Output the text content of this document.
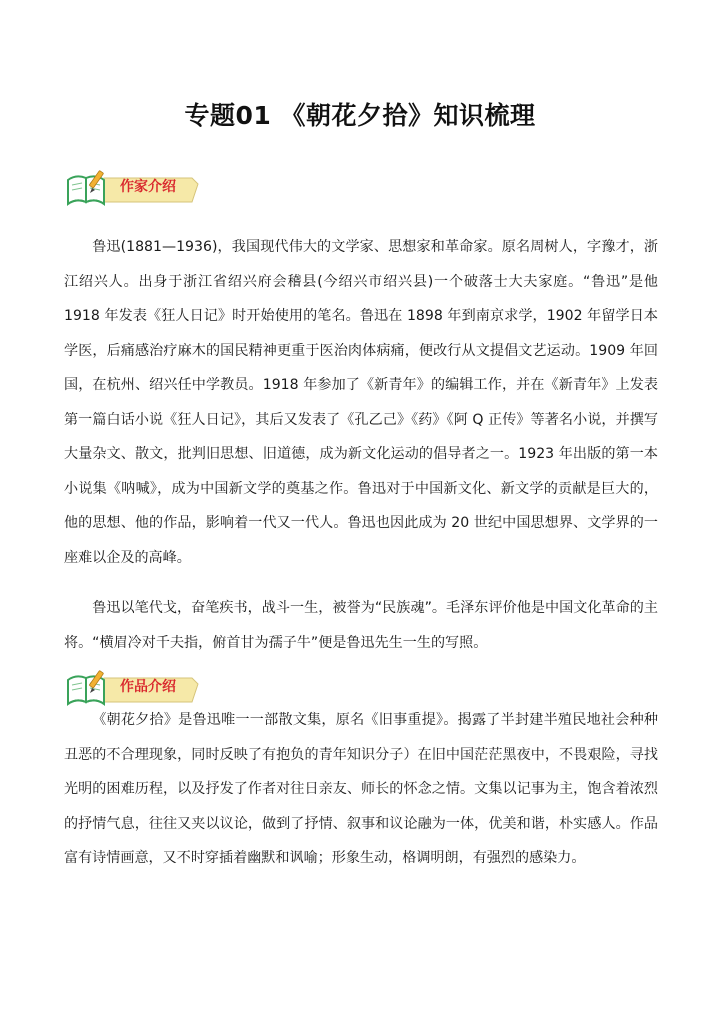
专题01 《朝花夕拾》知识梳理
作家介绍

鲁迅(1881—1936)，我国现代伟大的文学家、思想家和革命家。原名周树人，字豫才，浙江绍兴人。出身于浙江省绍兴府会稽县(今绍兴市绍兴县)一个破落士大夫家庭。“鲁迅”是他 1918 年发表《狂人日记》时开始使用的笔名。鲁迅在 1898 年到南京求学，1902 年留学日本学医，后痛感治疗麻木的国民精神更重于医治肉体病痛，便改行从文提倡文艺运动。1909 年回国，在杭州、绍兴任中学教员。1918 年参加了《新青年》的编辑工作，并在《新青年》上发表第一篇白话小说《狂人日记》，其后又发表了《孔乙己》《药》《阿 Q 正传》等著名小说，并撰写大量杂文、散文，批判旧思想、旧道德，成为新文化运动的倡导者之一。1923 年出版的第一本小说集《呐喊》，成为中国新文学的奠基之作。鲁迅对于中国新文化、新文学的贡献是巨大的，他的思想、他的作品，影响着一代又一代人。鲁迅也因此成为 20 世纪中国思想界、文学界的一座难以企及的高峰。

鲁迅以笔代戈，奋笔疾书，战斗一生，被誉为“民族魂”。毛泽东评价他是中国文化革命的主将。“横眉冷对千夫指，俯首甘为孺子牛”便是鲁迅先生一生的写照。

作品介绍

《朝花夕拾》是鲁迅唯一一部散文集，原名《旧事重提》。揭露了半封建半殖民地社会种种丑恶的不合理现象，同时反映了有抱负的青年知识分子）在旧中国茫茫黑夜中，不畏艰险，寻找光明的困难历程，以及抒发了作者对往日亲友、师长的怀念之情。文集以记事为主，饱含着浓烈的抒情气息，往往又夹以议论，做到了抒情、叙事和议论融为一体，优美和谐，朴实感人。作品富有诗情画意，又不时穿插着幽默和讽喻；形象生动，格调明朗，有强烈的感染力。
